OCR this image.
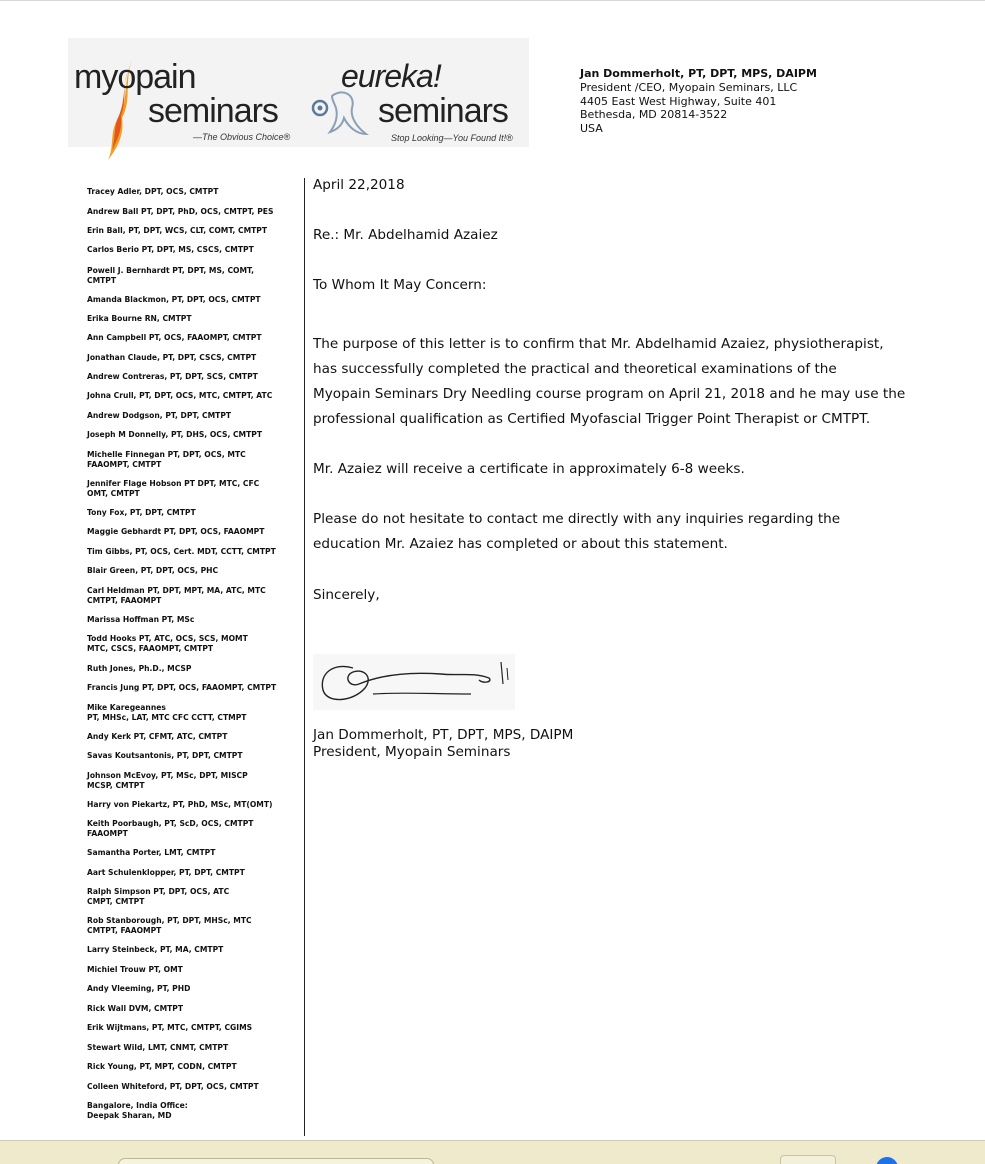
myopain
seminars
—The Obvious Choice®
eureka!
seminars
Stop Looking—You Found It!®
Jan Dommerholt, PT, DPT, MPS, DAIPM
President /CEO, Myopain Seminars, LLC
4405 East West Highway, Suite 401
Bethesda, MD 20814-3522
USA
Tracey Adler, DPT, OCS, CMTPT
Andrew Ball PT, DPT, PhD, OCS, CMTPT, PES
Erin Ball, PT, DPT, WCS, CLT, COMT, CMTPT
Carlos Berio PT, DPT, MS, CSCS, CMTPT
Powell J. Bernhardt PT, DPT, MS, COMT,
CMTPT
Amanda Blackmon, PT, DPT, OCS, CMTPT
Erika Bourne RN, CMTPT
Ann Campbell PT, OCS, FAAOMPT, CMTPT
Jonathan Claude, PT, DPT, CSCS, CMTPT
Andrew Contreras, PT, DPT, SCS, CMTPT
Johna Crull, PT, DPT, OCS, MTC, CMTPT, ATC
Andrew Dodgson, PT, DPT, CMTPT
Joseph M Donnelly, PT, DHS, OCS, CMTPT
Michelle Finnegan PT, DPT, OCS, MTC
FAAOMPT, CMTPT
Jennifer Flage Hobson PT DPT, MTC, CFC
OMT, CMTPT
Tony Fox, PT, DPT, CMTPT
Maggie Gebhardt PT, DPT, OCS, FAAOMPT
Tim Gibbs, PT, OCS, Cert. MDT, CCTT, CMTPT
Blair Green, PT, DPT, OCS, PHC
Carl Heldman PT, DPT, MPT, MA, ATC, MTC
CMTPT, FAAOMPT
Marissa Hoffman PT, MSc
Todd Hooks PT, ATC, OCS, SCS, MOMT
MTC, CSCS, FAAOMPT, CMTPT
Ruth Jones, Ph.D., MCSP
Francis Jung PT, DPT, OCS, FAAOMPT, CMTPT
Mike Karegeannes
PT, MHSc, LAT, MTC CFC CCTT, CTMPT
Andy Kerk PT, CFMT, ATC, CMTPT
Savas Koutsantonis, PT, DPT, CMTPT
Johnson McEvoy, PT, MSc, DPT, MISCP
MCSP, CMTPT
Harry von Piekartz, PT, PhD, MSc, MT(OMT)
Keith Poorbaugh, PT, ScD, OCS, CMTPT
FAAOMPT
Samantha Porter, LMT, CMTPT
Aart Schulenklopper, PT, DPT, CMTPT
Ralph Simpson PT, DPT, OCS, ATC
CMPT, CMTPT
Rob Stanborough, PT, DPT, MHSc, MTC
CMTPT, FAAOMPT
Larry Steinbeck, PT, MA, CMTPT
Michiel Trouw PT, OMT
Andy Vleeming, PT, PHD
Rick Wall DVM, CMTPT
Erik Wijtmans, PT, MTC, CMTPT, CGIMS
Stewart Wild, LMT, CNMT, CMTPT
Rick Young, PT, MPT, CODN, CMTPT
Colleen Whiteford, PT, DPT, OCS, CMTPT
Bangalore, India Office:
Deepak Sharan, MD
April 22,2018
Re.: Mr. Abdelhamid Azaiez
To Whom It May Concern:
The purpose of this letter is to confirm that Mr. Abdelhamid Azaiez, physiotherapist,
has successfully completed the practical and theoretical examinations of the
Myopain Seminars Dry Needling course program on April 21, 2018 and he may use the
professional qualification as Certified Myofascial Trigger Point Therapist or CMTPT.
Mr. Azaiez will receive a certificate in approximately 6-8 weeks.
Please do not hesitate to contact me directly with any inquiries regarding the
education Mr. Azaiez has completed or about this statement.
Sincerely,
Jan Dommerholt, PT, DPT, MPS, DAIPM
President, Myopain Seminars
